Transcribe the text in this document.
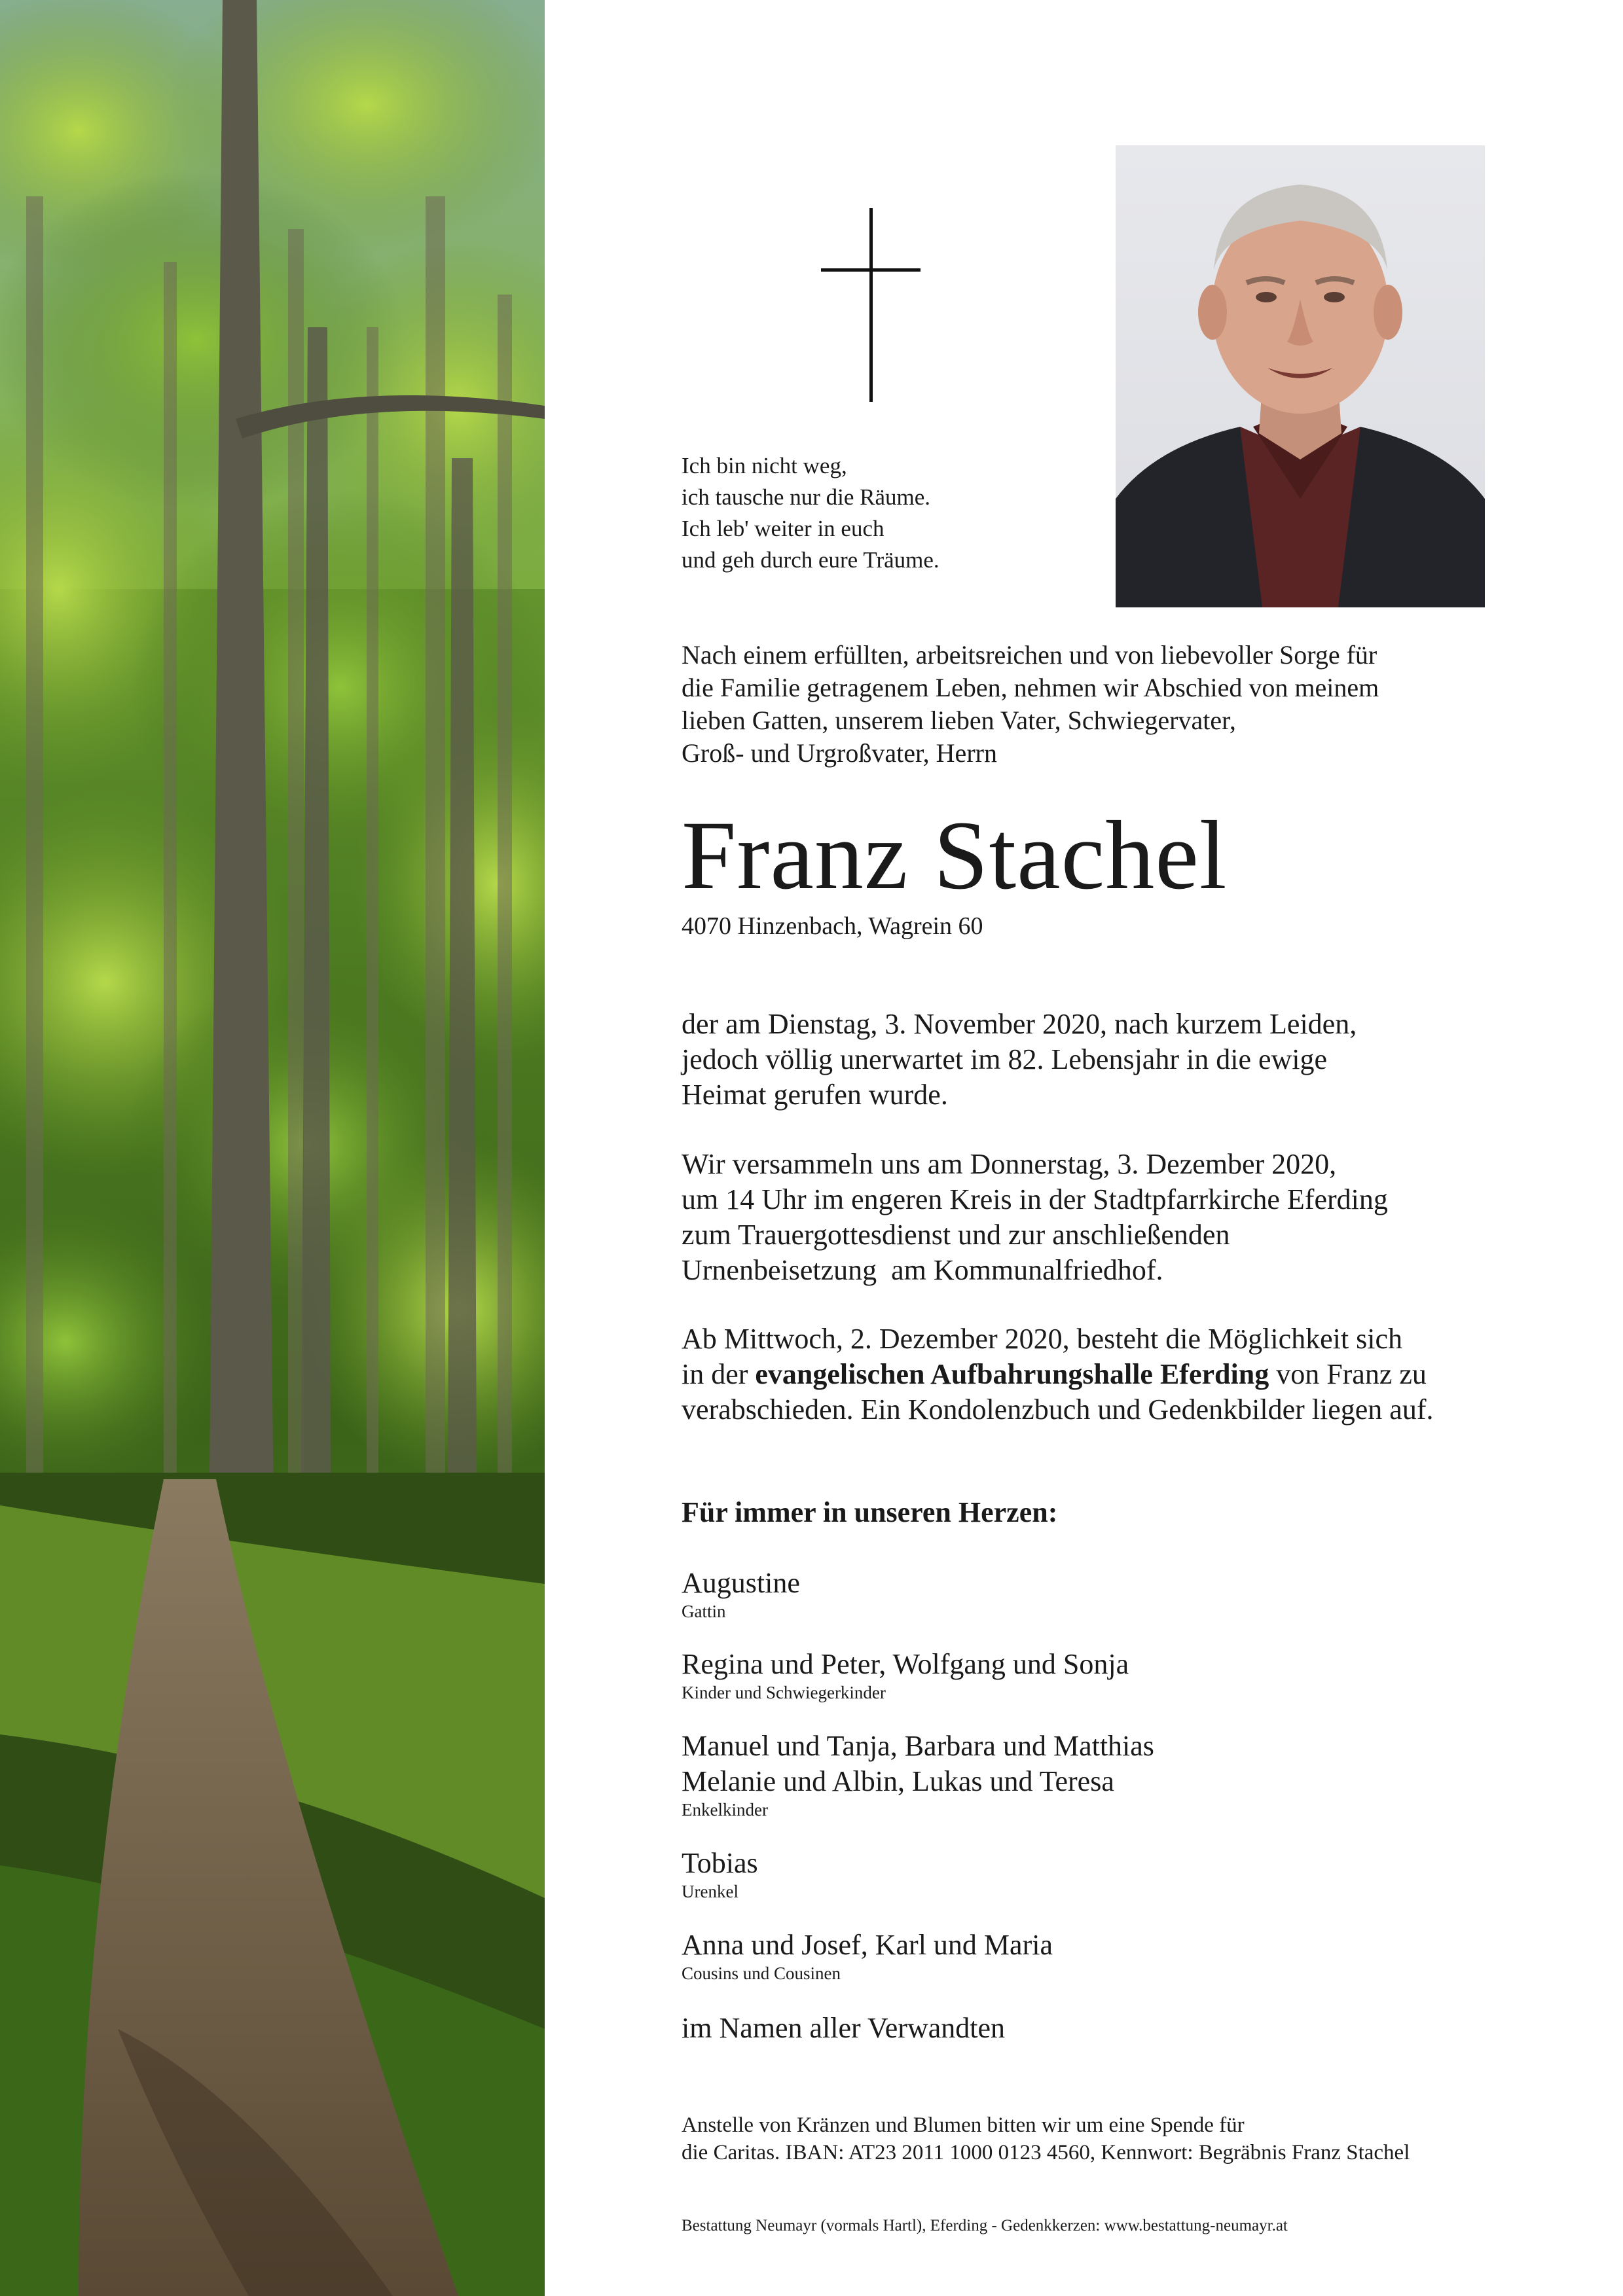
Ich bin nicht weg,
ich tausche nur die Räume.
Ich leb' weiter in euch
und geh durch eure Träume.
Nach einem erfüllten, arbeitsreichen und von liebevoller Sorge für
die Familie getragenem Leben, nehmen wir Abschied von meinem
lieben Gatten, unserem lieben Vater, Schwiegervater,
Groß- und Urgroßvater, Herrn
Franz Stachel
4070 Hinzenbach, Wagrein 60
der am Dienstag, 3. November 2020, nach kurzem Leiden,
jedoch völlig unerwartet im 82. Lebensjahr in die ewige
Heimat gerufen wurde.
Wir versammeln uns am Donnerstag, 3. Dezember 2020,
um 14 Uhr im engeren Kreis in der Stadtpfarrkirche Eferding
zum Trauergottesdienst und zur anschließenden
Urnenbeisetzung  am Kommunalfriedhof.
Ab Mittwoch, 2. Dezember 2020, besteht die Möglichkeit sich
in der evangelischen Aufbahrungshalle Eferding von Franz zu
verabschieden. Ein Kondolenzbuch und Gedenkbilder liegen auf.
Für immer in unseren Herzen:
Augustine
Gattin
Regina und Peter, Wolfgang und Sonja
Kinder und Schwiegerkinder
Manuel und Tanja, Barbara und Matthias
Melanie und Albin, Lukas und Teresa
Enkelkinder
Tobias
Urenkel
Anna und Josef, Karl und Maria
Cousins und Cousinen
im Namen aller Verwandten
Anstelle von Kränzen und Blumen bitten wir um eine Spende für
die Caritas. IBAN: AT23 2011 1000 0123 4560, Kennwort: Begräbnis Franz Stachel
Bestattung Neumayr (vormals Hartl), Eferding - Gedenkkerzen: www.bestattung-neumayr.at
